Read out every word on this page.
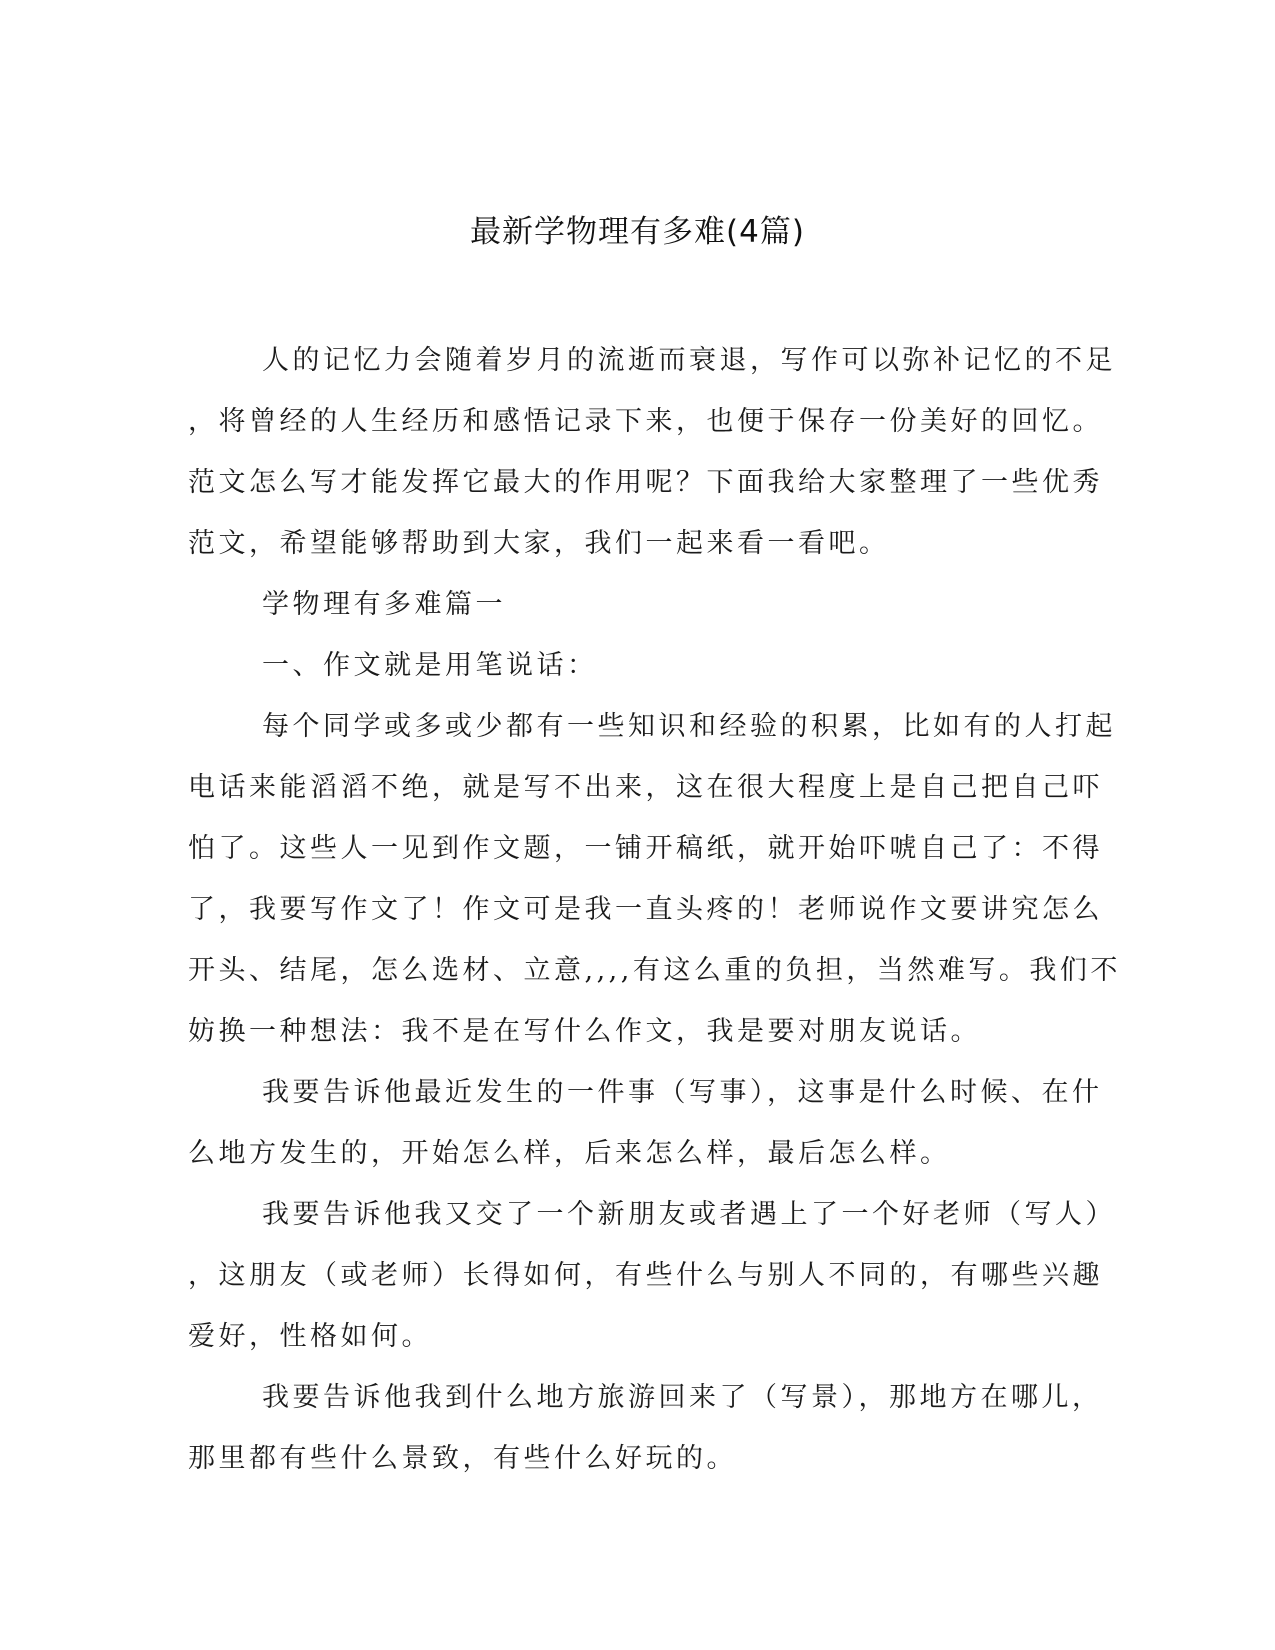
最新学物理有多难(4篇)
人的记忆力会随着岁月的流逝而衰退，写作可以弥补记忆的不足
，将曾经的人生经历和感悟记录下来，也便于保存一份美好的回忆。
范文怎么写才能发挥它最大的作用呢？下面我给大家整理了一些优秀
范文，希望能够帮助到大家，我们一起来看一看吧。
学物理有多难篇一
一、作文就是用笔说话：
每个同学或多或少都有一些知识和经验的积累，比如有的人打起
电话来能滔滔不绝，就是写不出来，这在很大程度上是自己把自己吓
怕了。这些人一见到作文题，一铺开稿纸，就开始吓唬自己了：不得
了，我要写作文了！作文可是我一直头疼的！老师说作文要讲究怎么
开头、结尾，怎么选材、立意,,,,有这么重的负担，当然难写。我们不
妨换一种想法：我不是在写什么作文，我是要对朋友说话。
我要告诉他最近发生的一件事（写事），这事是什么时候、在什
么地方发生的，开始怎么样，后来怎么样，最后怎么样。
我要告诉他我又交了一个新朋友或者遇上了一个好老师（写人）
，这朋友（或老师）长得如何，有些什么与别人不同的，有哪些兴趣
爱好，性格如何。
我要告诉他我到什么地方旅游回来了（写景），那地方在哪儿，
那里都有些什么景致，有些什么好玩的。
